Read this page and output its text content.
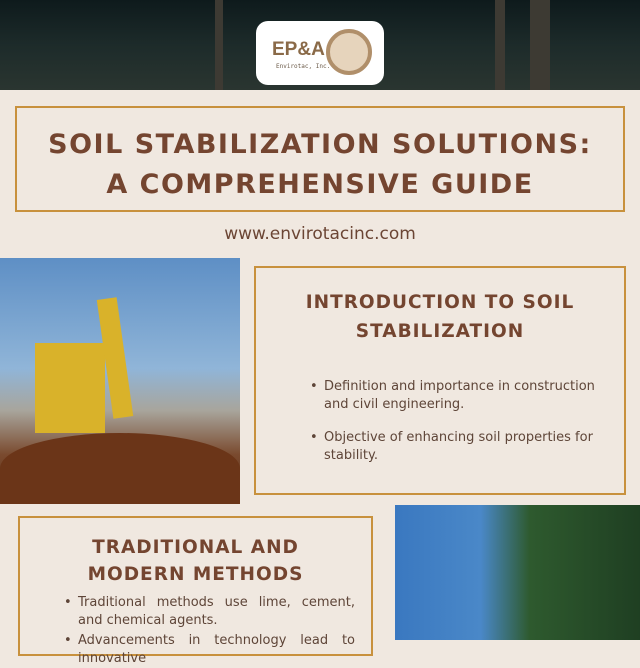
EP&A
Envirotac, Inc.
SOIL STABILIZATION SOLUTIONS:
A COMPREHENSIVE GUIDE
www.envirotacinc.com
INTRODUCTION TO SOIL STABILIZATION
• Definition and importance in construction and civil engineering.
• Objective of enhancing soil properties for stability.
TRADITIONAL AND
MODERN METHODS
• Traditional methods use lime, cement, and chemical agents.
• Advancements in technology lead to innovative
